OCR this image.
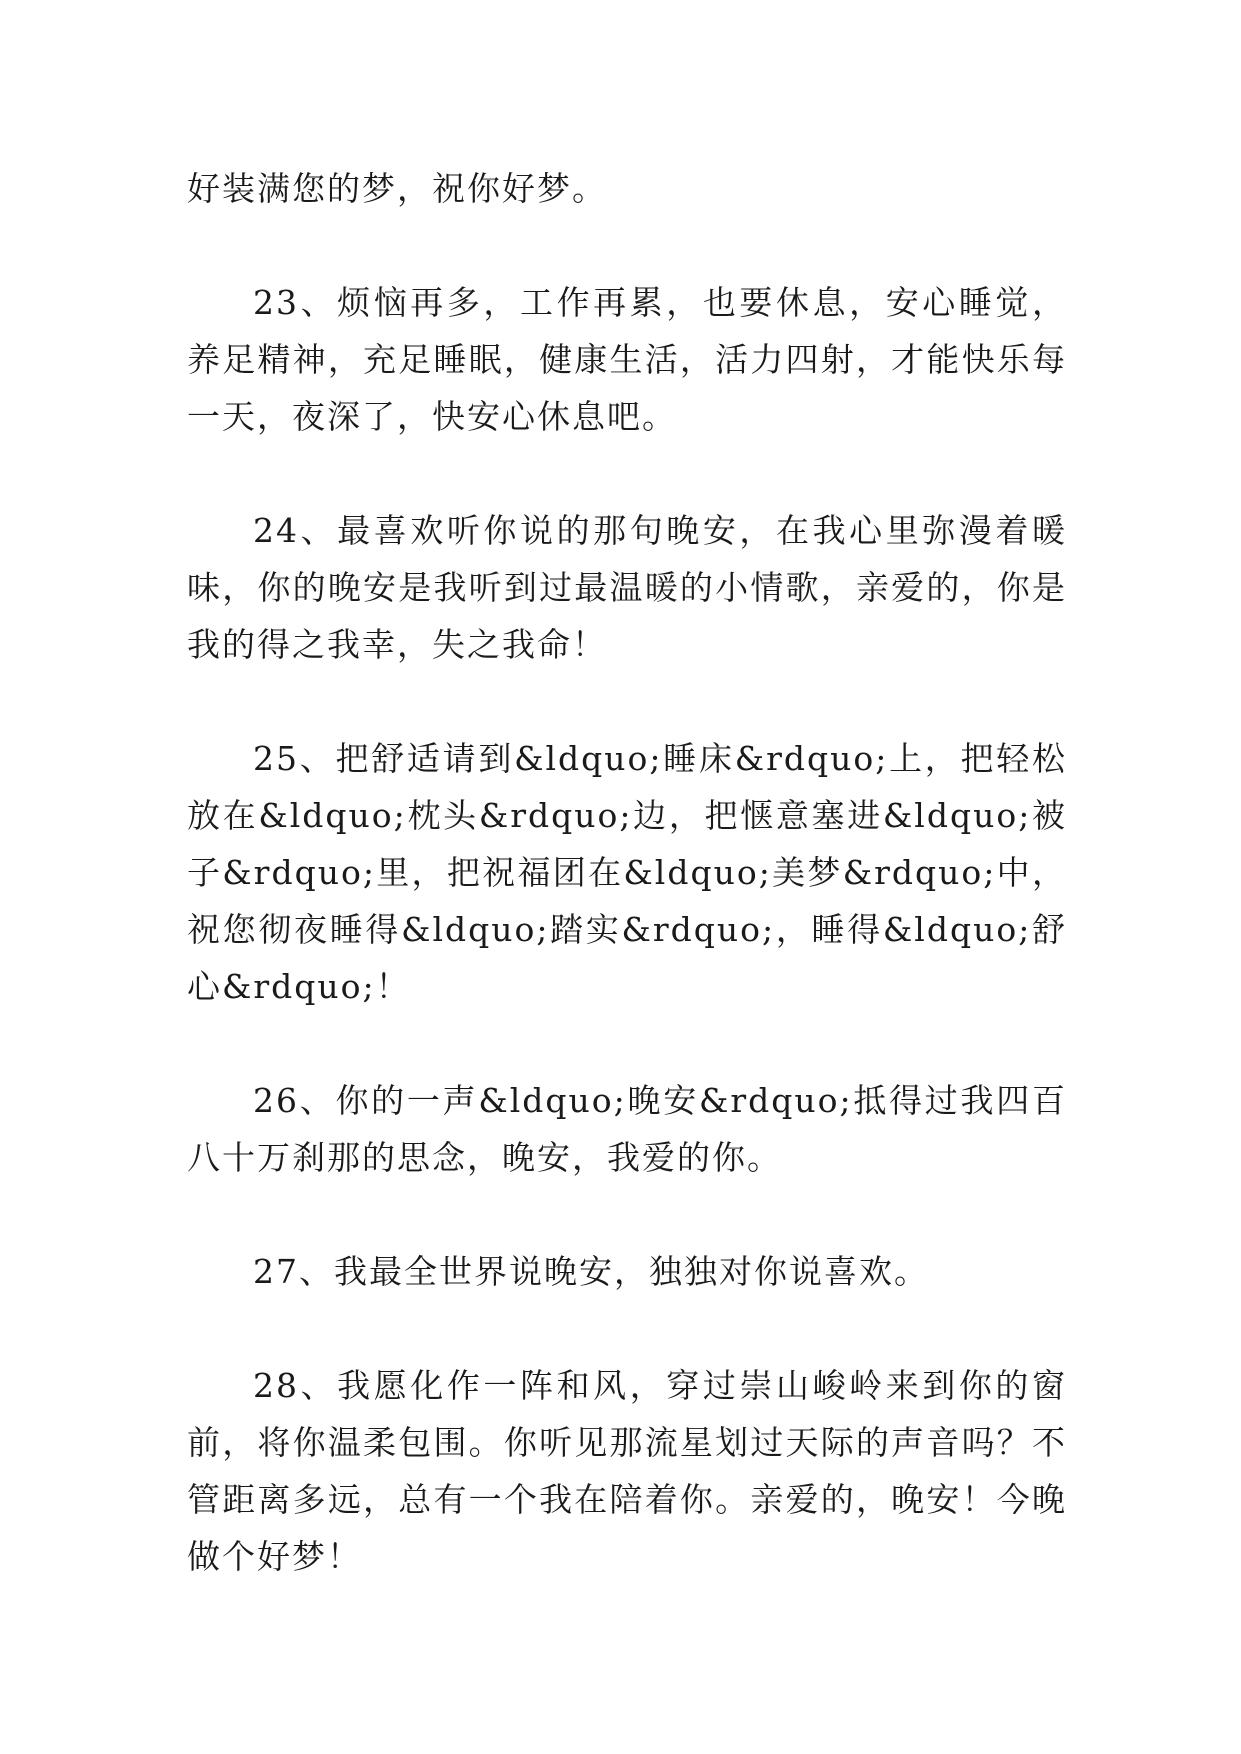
好装满您的梦，祝你好梦。

23、烦恼再多，工作再累，也要休息，安心睡觉，养足精神，充足睡眠，健康生活，活力四射，才能快乐每一天，夜深了，快安心休息吧。

24、最喜欢听你说的那句晚安，在我心里弥漫着暖味，你的晚安是我听到过最温暖的小情歌，亲爱的，你是我的得之我幸，失之我命！

25、把舒适请到&ldquo;睡床&rdquo;上，把轻松放在&ldquo;枕头&rdquo;边，把惬意塞进&ldquo;被子&rdquo;里，把祝福团在&ldquo;美梦&rdquo;中，祝您彻夜睡得&ldquo;踏实&rdquo;，睡得&ldquo;舒心&rdquo;！

26、你的一声&ldquo;晚安&rdquo;抵得过我四百八十万刹那的思念，晚安，我爱的你。

27、我最全世界说晚安，独独对你说喜欢。

28、我愿化作一阵和风，穿过崇山峻岭来到你的窗前，将你温柔包围。你听见那流星划过天际的声音吗？不管距离多远，总有一个我在陪着你。亲爱的，晚安！今晚做个好梦！
